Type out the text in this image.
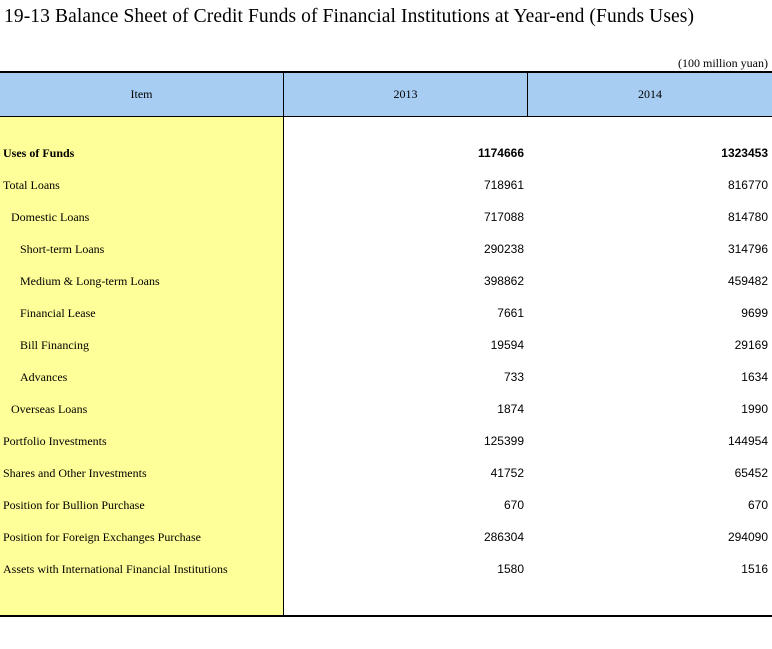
19-13 Balance Sheet of Credit Funds of Financial Institutions at Year-end (Funds Uses)
(100 million yuan)
Item	2013	2014
Uses of Funds	1174666	1323453
Total Loans	718961	816770
Domestic Loans	717088	814780
Short-term Loans	290238	314796
Medium & Long-term Loans	398862	459482
Financial Lease	7661	9699
Bill Financing	19594	29169
Advances	733	1634
Overseas Loans	1874	1990
Portfolio Investments	125399	144954
Shares and Other Investments	41752	65452
Position for Bullion Purchase	670	670
Position for Foreign Exchanges Purchase	286304	294090
Assets with International Financial Institutions	1580	1516
